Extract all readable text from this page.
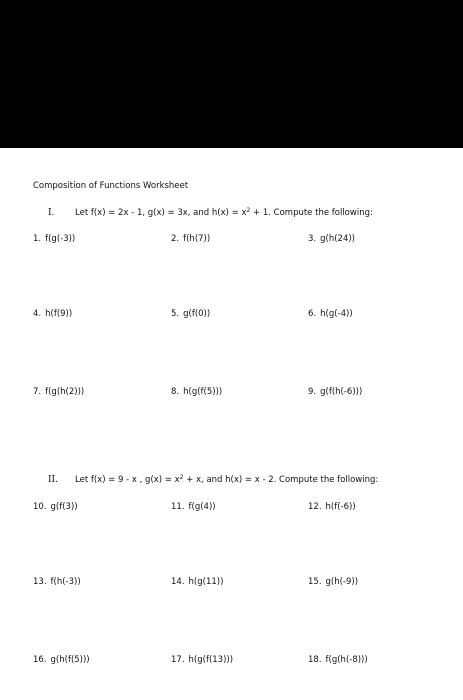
Composition of Functions Worksheet
I. Let f(x) = 2x - 1, g(x) = 3x, and $h(x) = x^2 + 1$. Compute the following:
1. f(g(-3))	2. f(h(7))	3. g(h(24))
4. h(f(9))	5. g(f(0))	6. h(g(-4))
7. f(g(h(2)))	8. h(g(f(5)))	9. g(f(h(-6)))
II. Let f(x) = 9 - x , $g(x) = x^2 + x$, and h(x) = x - 2. Compute the following:
10. g(f(3))	11. f(g(4))	12. h(f(-6))
13. f(h(-3))	14. h(g(11))	15. g(h(-9))
16. g(h(f(5)))	17. h(g(f(13)))	18. f(g(h(-8)))
